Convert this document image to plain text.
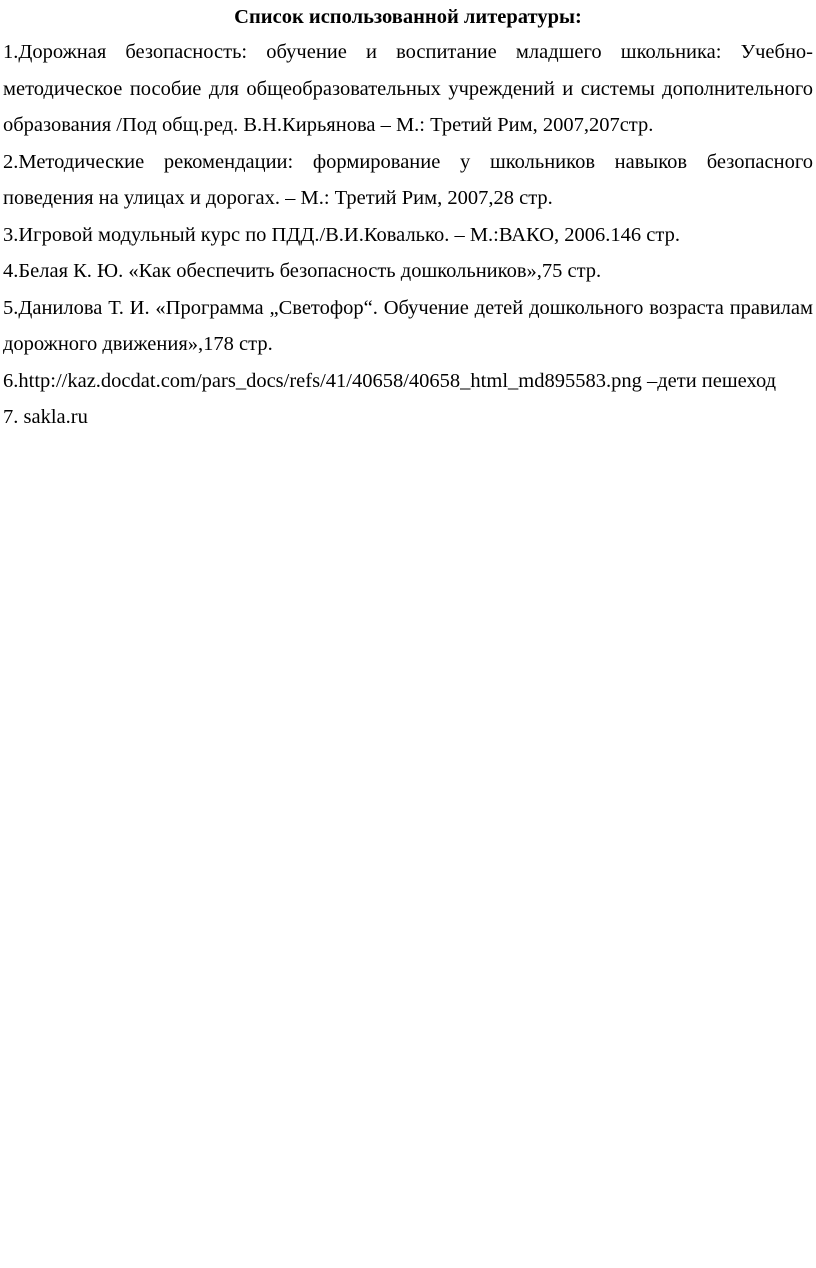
Список использованной литературы:
1.Дорожная безопасность: обучение и воспитание младшего школьника: Учебно-методическое пособие для общеобразовательных учреждений и системы дополнительного образования /Под общ.ред. В.Н.Кирьянова – М.: Третий Рим, 2007,207стр.
2.Методические рекомендации: формирование у школьников навыков безопасного поведения на улицах и дорогах. – М.: Третий Рим, 2007,28 стр.
3.Игровой модульный курс по ПДД./В.И.Ковалько. – М.:ВАКО, 2006.146 стр.
4.Белая К. Ю. «Как обеспечить безопасность дошкольников»,75 стр.
5.Данилова Т. И. «Программа „Светофор“. Обучение детей дошкольного возраста правилам дорожного движения»,178 стр.
6.http://kaz.docdat.com/pars_docs/refs/41/40658/40658_html_md895583.png –дети пешеход
7. sakla.ru
